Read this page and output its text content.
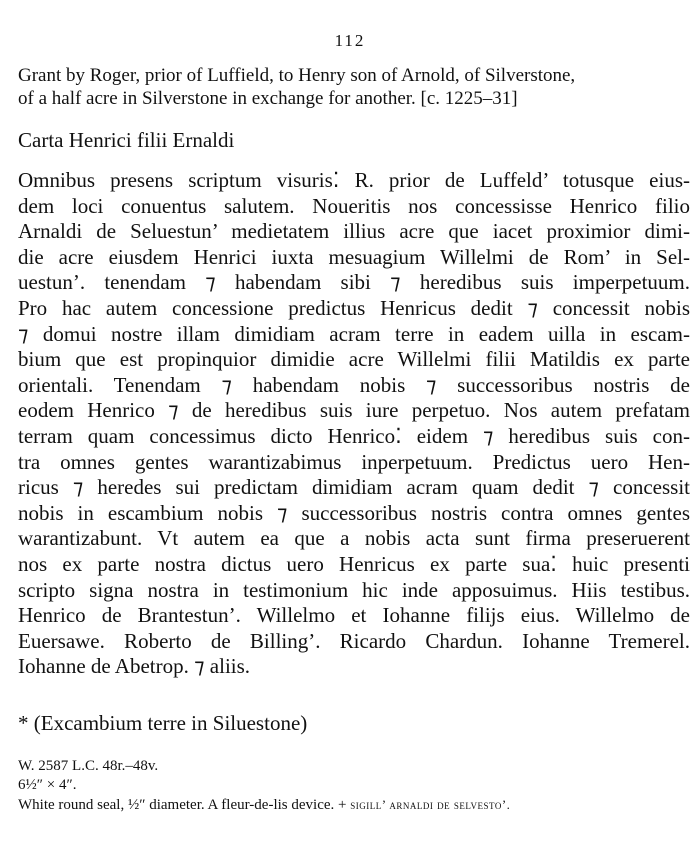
112
Grant by Roger, prior of Luffield, to Henry son of Arnold, of Silverstone,
of a half acre in Silverstone in exchange for another. [c. 1225–31]
Carta Henrici filii Ernaldi
Omnibus presens scriptum visuris⁚ R. prior de Luffeld’ totusque eius-
dem loci conuentus salutem. Noueritis nos concessisse Henrico filio
Arnaldi de Seluestun’ medietatem illius acre que iacet proximior dimi-
die acre eiusdem Henrici iuxta mesuagium Willelmi de Rom’ in Sel-
uestun’. tenendam ⁊ habendam sibi ⁊ heredibus suis imperpetuum.
Pro hac autem concessione predictus Henricus dedit ⁊ concessit nobis
⁊ domui nostre illam dimidiam acram terre in eadem uilla in escam-
bium que est propinquior dimidie acre Willelmi filii Matildis ex parte
orientali. Tenendam ⁊ habendam nobis ⁊ successoribus nostris de
eodem Henrico ⁊ de heredibus suis iure perpetuo. Nos autem prefatam
terram quam concessimus dicto Henrico⁚ eidem ⁊ heredibus suis con-
tra omnes gentes warantizabimus inperpetuum. Predictus uero Hen-
ricus ⁊ heredes sui predictam dimidiam acram quam dedit ⁊ concessit
nobis in escambium nobis ⁊ successoribus nostris contra omnes gentes
warantizabunt. Vt autem ea que a nobis acta sunt firma preseruerent
nos ex parte nostra dictus uero Henricus ex parte sua⁚ huic presenti
scripto signa nostra in testimonium hic inde apposuimus. Hiis testibus.
Henrico de Brantestun’. Willelmo et Iohanne filijs eius. Willelmo de
Euersawe. Roberto de Billing’. Ricardo Chardun. Iohanne Tremerel.
Iohanne de Abetrop. ⁊ aliis.
* (Excambium terre in Siluestone)
W. 2587 L.C. 48r.–48v.
6½″ × 4″.
White round seal, ½″ diameter. A fleur-de-lis device. + sigill’ arnaldi de selvesto’.
